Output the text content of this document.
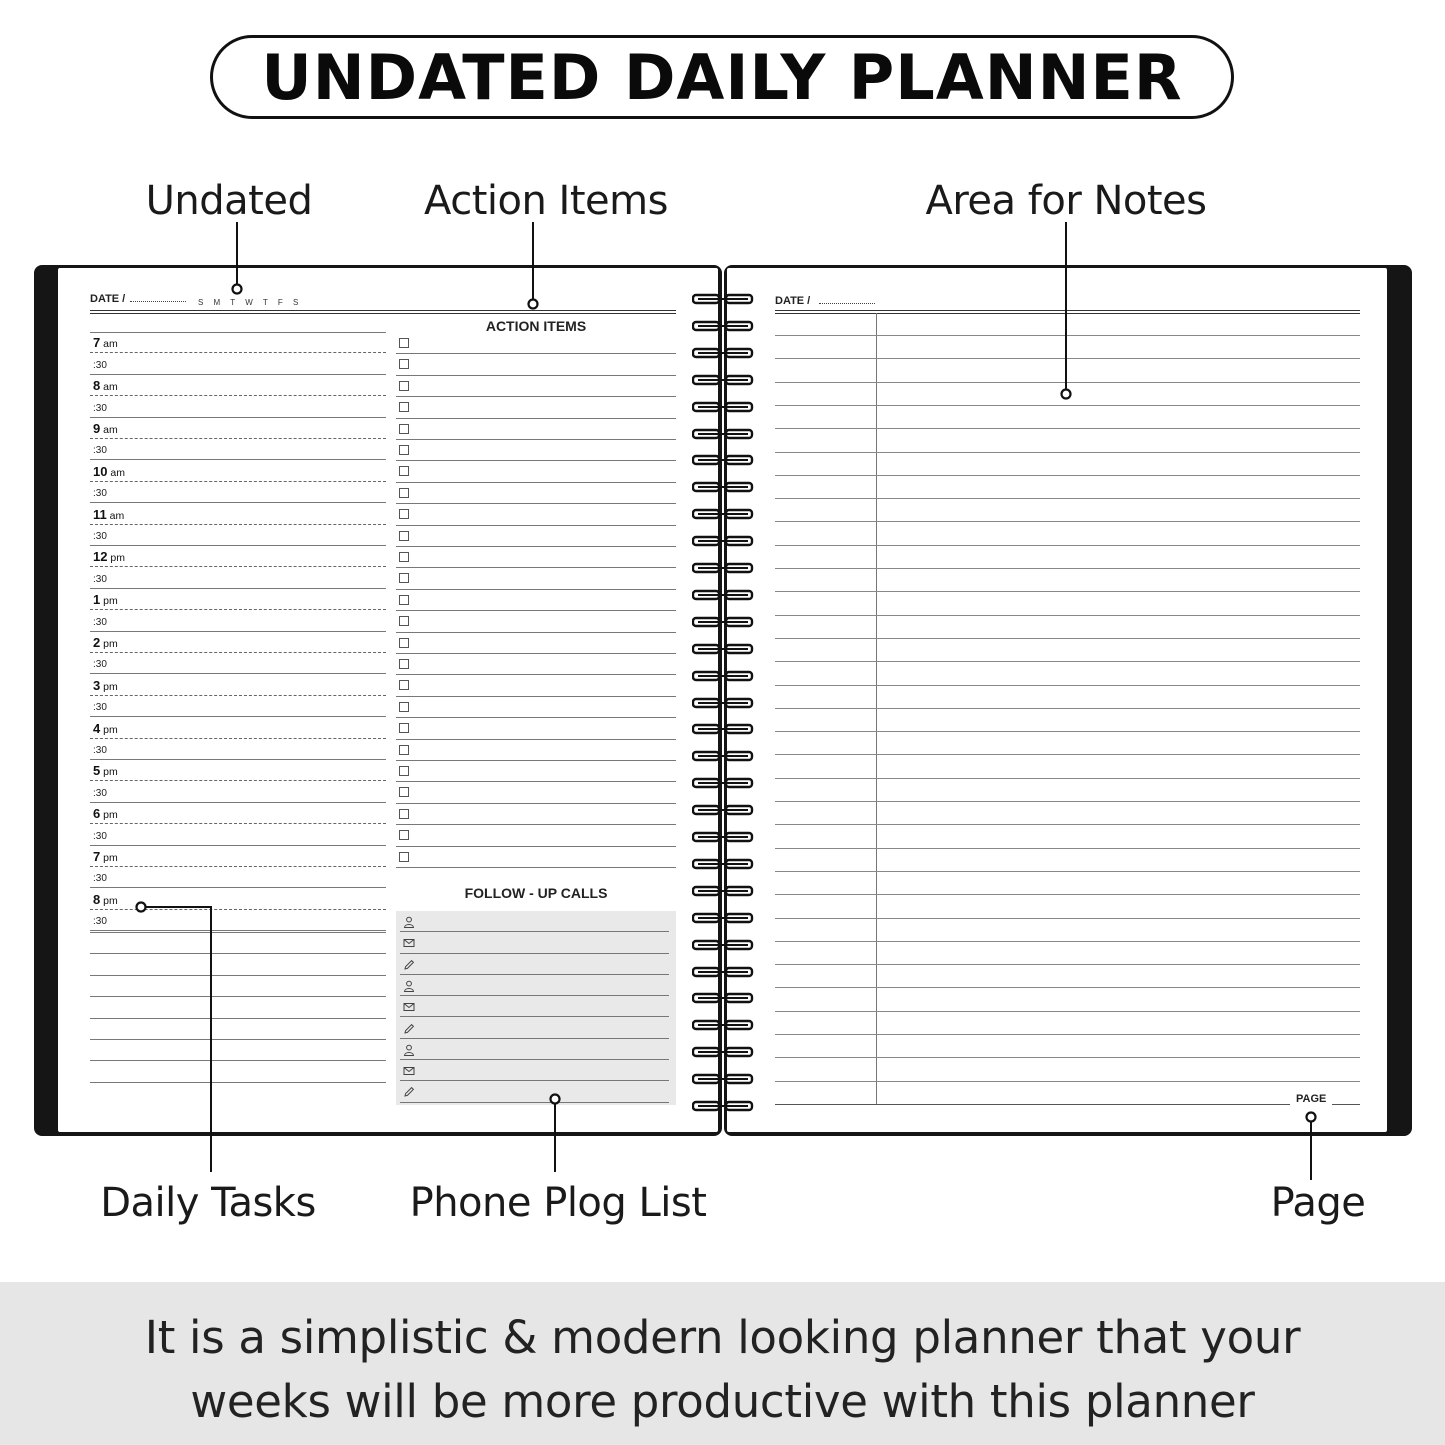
UNDATED DAILY PLANNER
Undated	Action Items	Area for Notes
DATE /	S M T W T F S
ACTION ITEMS
7 am
:30
8 am
:30
9 am
:30
10 am
:30
11 am
:30
12 pm
:30
1 pm
:30
2 pm
:30
3 pm
:30
4 pm
:30
5 pm
:30
6 pm
:30
7 pm
:30
8 pm
:30
FOLLOW - UP CALLS
DATE /
PAGE
Daily Tasks Phone Plog List	Page

It is a simplistic & modern looking planner that your
weeks will be more productive with this planner
